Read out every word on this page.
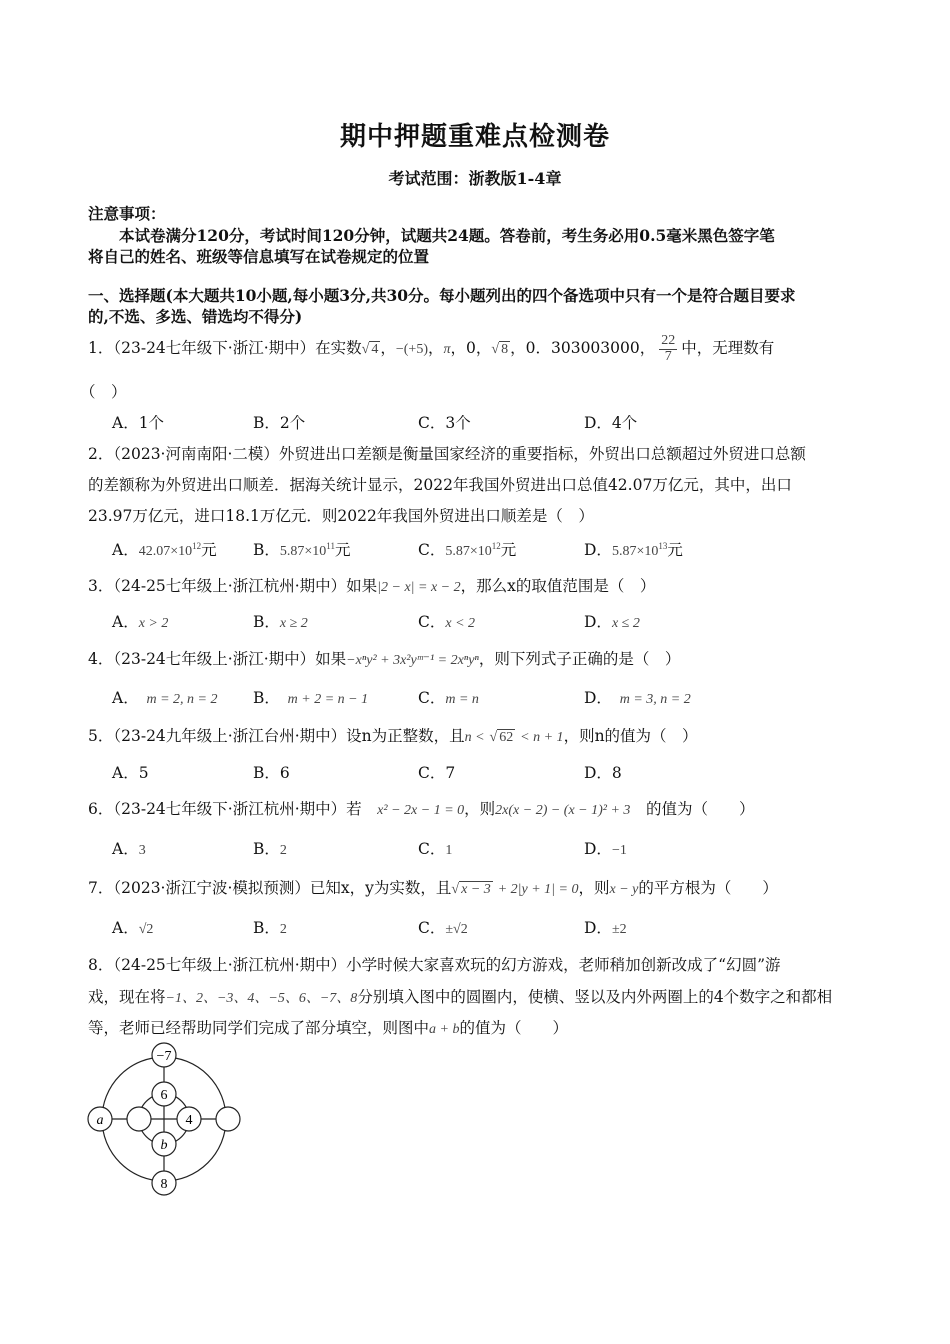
期中押题重难点检测卷
考试范围：浙教版1-4章
注意事项：
本试卷满分120分，考试时间120分钟，试题共24题。答卷前，考生务必用0.5毫米黑色签字笔
将自己的姓名、班级等信息填写在试卷规定的位置
一、选择题(本大题共10小题,每小题3分,共30分。每小题列出的四个备选项中只有一个是符合题目要求
的,不选、多选、错选均不得分)
1．（23-24七年级下·浙江·期中）在实数√ 4 ，−(+5)，π，0，√ 8 ，0．303003000， $\frac{22}{7}$ 中，无理数有
（　）
A．1个	B．2个	C．3个	D．4个
2．（2023·河南南阳·二模）外贸进出口差额是衡量国家经济的重要指标，外贸出口总额超过外贸进口总额
的差额称为外贸进出口顺差．据海关统计显示，2022年我国外贸进出口总值42.07万亿元，其中，出口
23.97万亿元，进口18.1万亿元．则2022年我国外贸进出口顺差是（　）
A．$42.07\times 10^{12}$元 B．$5.87\times 10^{11}$元	C．$5.87\times 10^{12}$元	D．$5.87\times 10^{13}$元
3．（24-25七年级上·浙江杭州·期中）如果|2 − x| = x − 2，那么x的取值范围是（　）
A．x > 2	B．x ≥ 2	C．x < 2	D．x ≤ 2
4．（23-24七年级上·浙江·期中）如果−xⁿy² + 3x²yᵐ⁻¹ = 2xⁿyⁿ，则下列式子正确的是（　）
A．　 m = 2, n = 2 B．　 m + 2 = n − 1	C．m = n	D．　 m = 3, n = 2
5．（23-24九年级上·浙江台州·期中）设n为正整数，且n < √ 62 < n + 1，则n的值为（　）
A．5	B．6	C．7	D．8
6．（23-24七年级下·浙江杭州·期中）若　 x² − 2x − 1 = 0，则2x(x − 2) − (x − 1)² + 3　 的值为（　　）
A．3	B．2	C．1	D．−1
7．（2023·浙江宁波·模拟预测）已知x，y为实数，且√ x − 3 + 2|y + 1| = 0，则x − y的平方根为（　　）
A．√2	B．2	C．±√2	D．±2
8．（24-25七年级上·浙江杭州·期中）小学时候大家喜欢玩的幻方游戏，老师稍加创新改成了“幻圆”游
戏，现在将−1、2、−3、4、−5、6、−7、8分别填入图中的圆圈内，使横、竖以及内外两圈上的4个数字之和都相
等，老师已经帮助同学们完成了部分填空，则图中a + b的值为（　　）
−7
a
6
4
b
8
